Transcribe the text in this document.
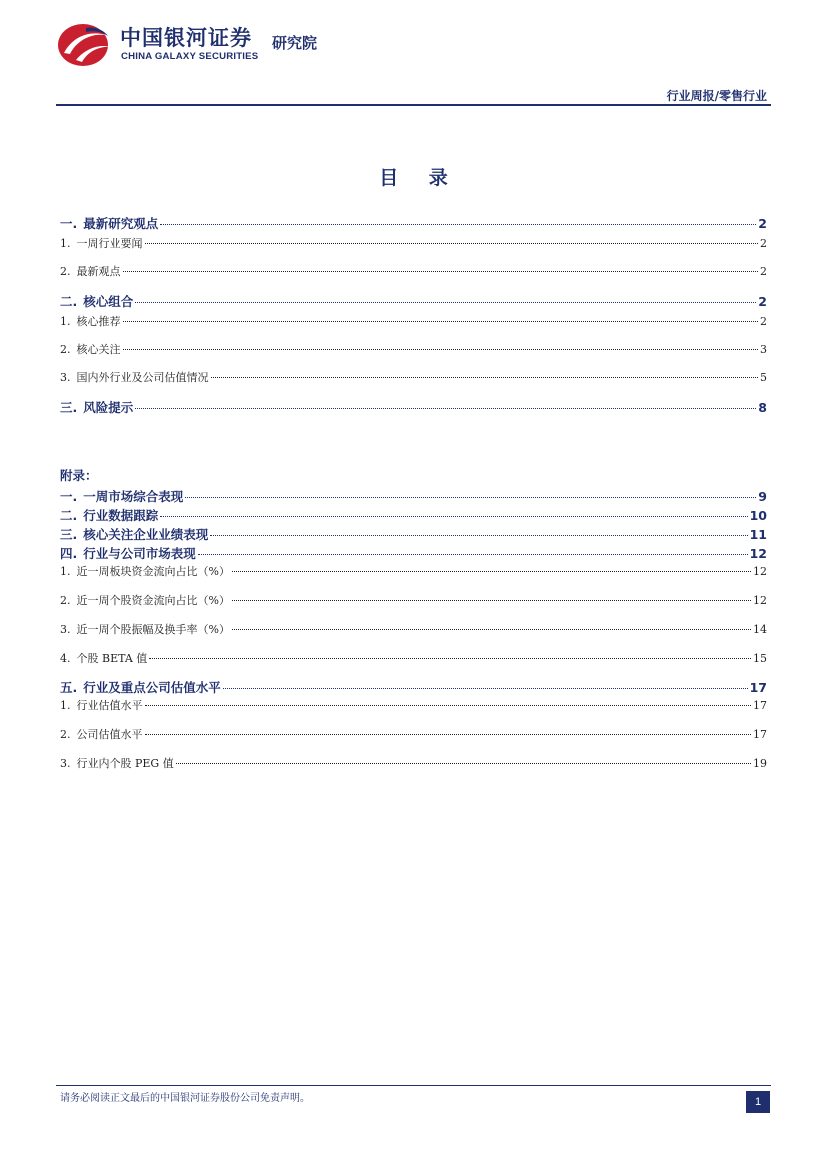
中国银河证券
CHINA GALAXY SECURITIES
研究院
行业周报/零售行业
目 录
一. 最新研究观点	2
1. 一周行业要闻	2
2. 最新观点	2
二. 核心组合	2
1. 核心推荐	2
2. 核心关注	3
3. 国内外行业及公司估值情况	5
三. 风险提示	8
附录：
一. 一周市场综合表现	9
二. 行业数据跟踪	10
三. 核心关注企业业绩表现	11
四. 行业与公司市场表现	12
1. 近一周板块资金流向占比（%）	12
2. 近一周个股资金流向占比（%）	12
3. 近一周个股振幅及换手率（%）	14
4. 个股 BETA 值	15
五. 行业及重点公司估值水平	17
1. 行业估值水平	17
2. 公司估值水平	17
3. 行业内个股 PEG 值	19
请务必阅读正文最后的中国银河证券股份公司免责声明。	1
